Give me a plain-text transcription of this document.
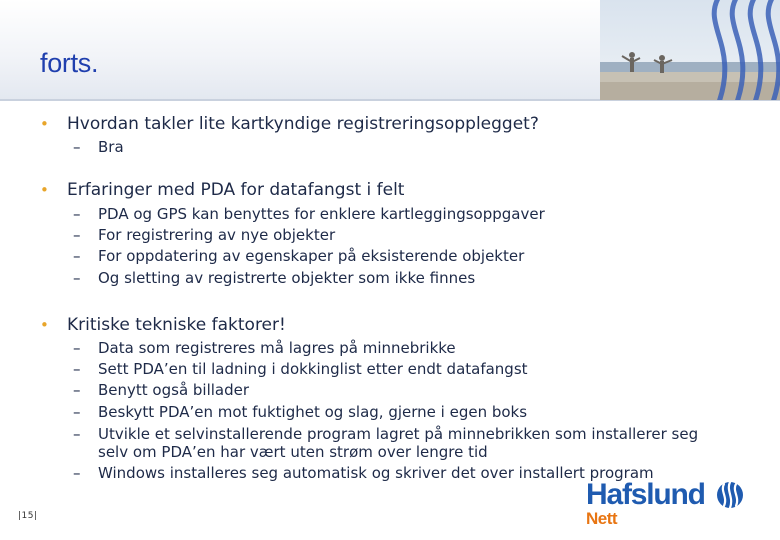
forts.
• Hvordan takler lite kartkyndige registreringsopplegget?
– Bra
• Erfaringer med PDA for datafangst i felt
– PDA og GPS kan benyttes for enklere kartleggingsoppgaver
– For registrering av nye objekter
– For oppdatering av egenskaper på eksisterende objekter
– Og sletting av registrerte objekter som ikke finnes
• Kritiske tekniske faktorer!
– Data som registreres må lagres på minnebrikke
– Sett PDA’en til ladning i dokkinglist etter endt datafangst
– Benytt også billader
– Beskytt PDA’en mot fuktighet og slag, gjerne i egen boks
– Utvikle et selvinstallerende program lagret på minnebrikken som installerer seg selv om PDA’en har vært uten strøm over lengre tid
– Windows installeres seg automatisk og skriver det over installert program
|15|
Hafslund
Nett
